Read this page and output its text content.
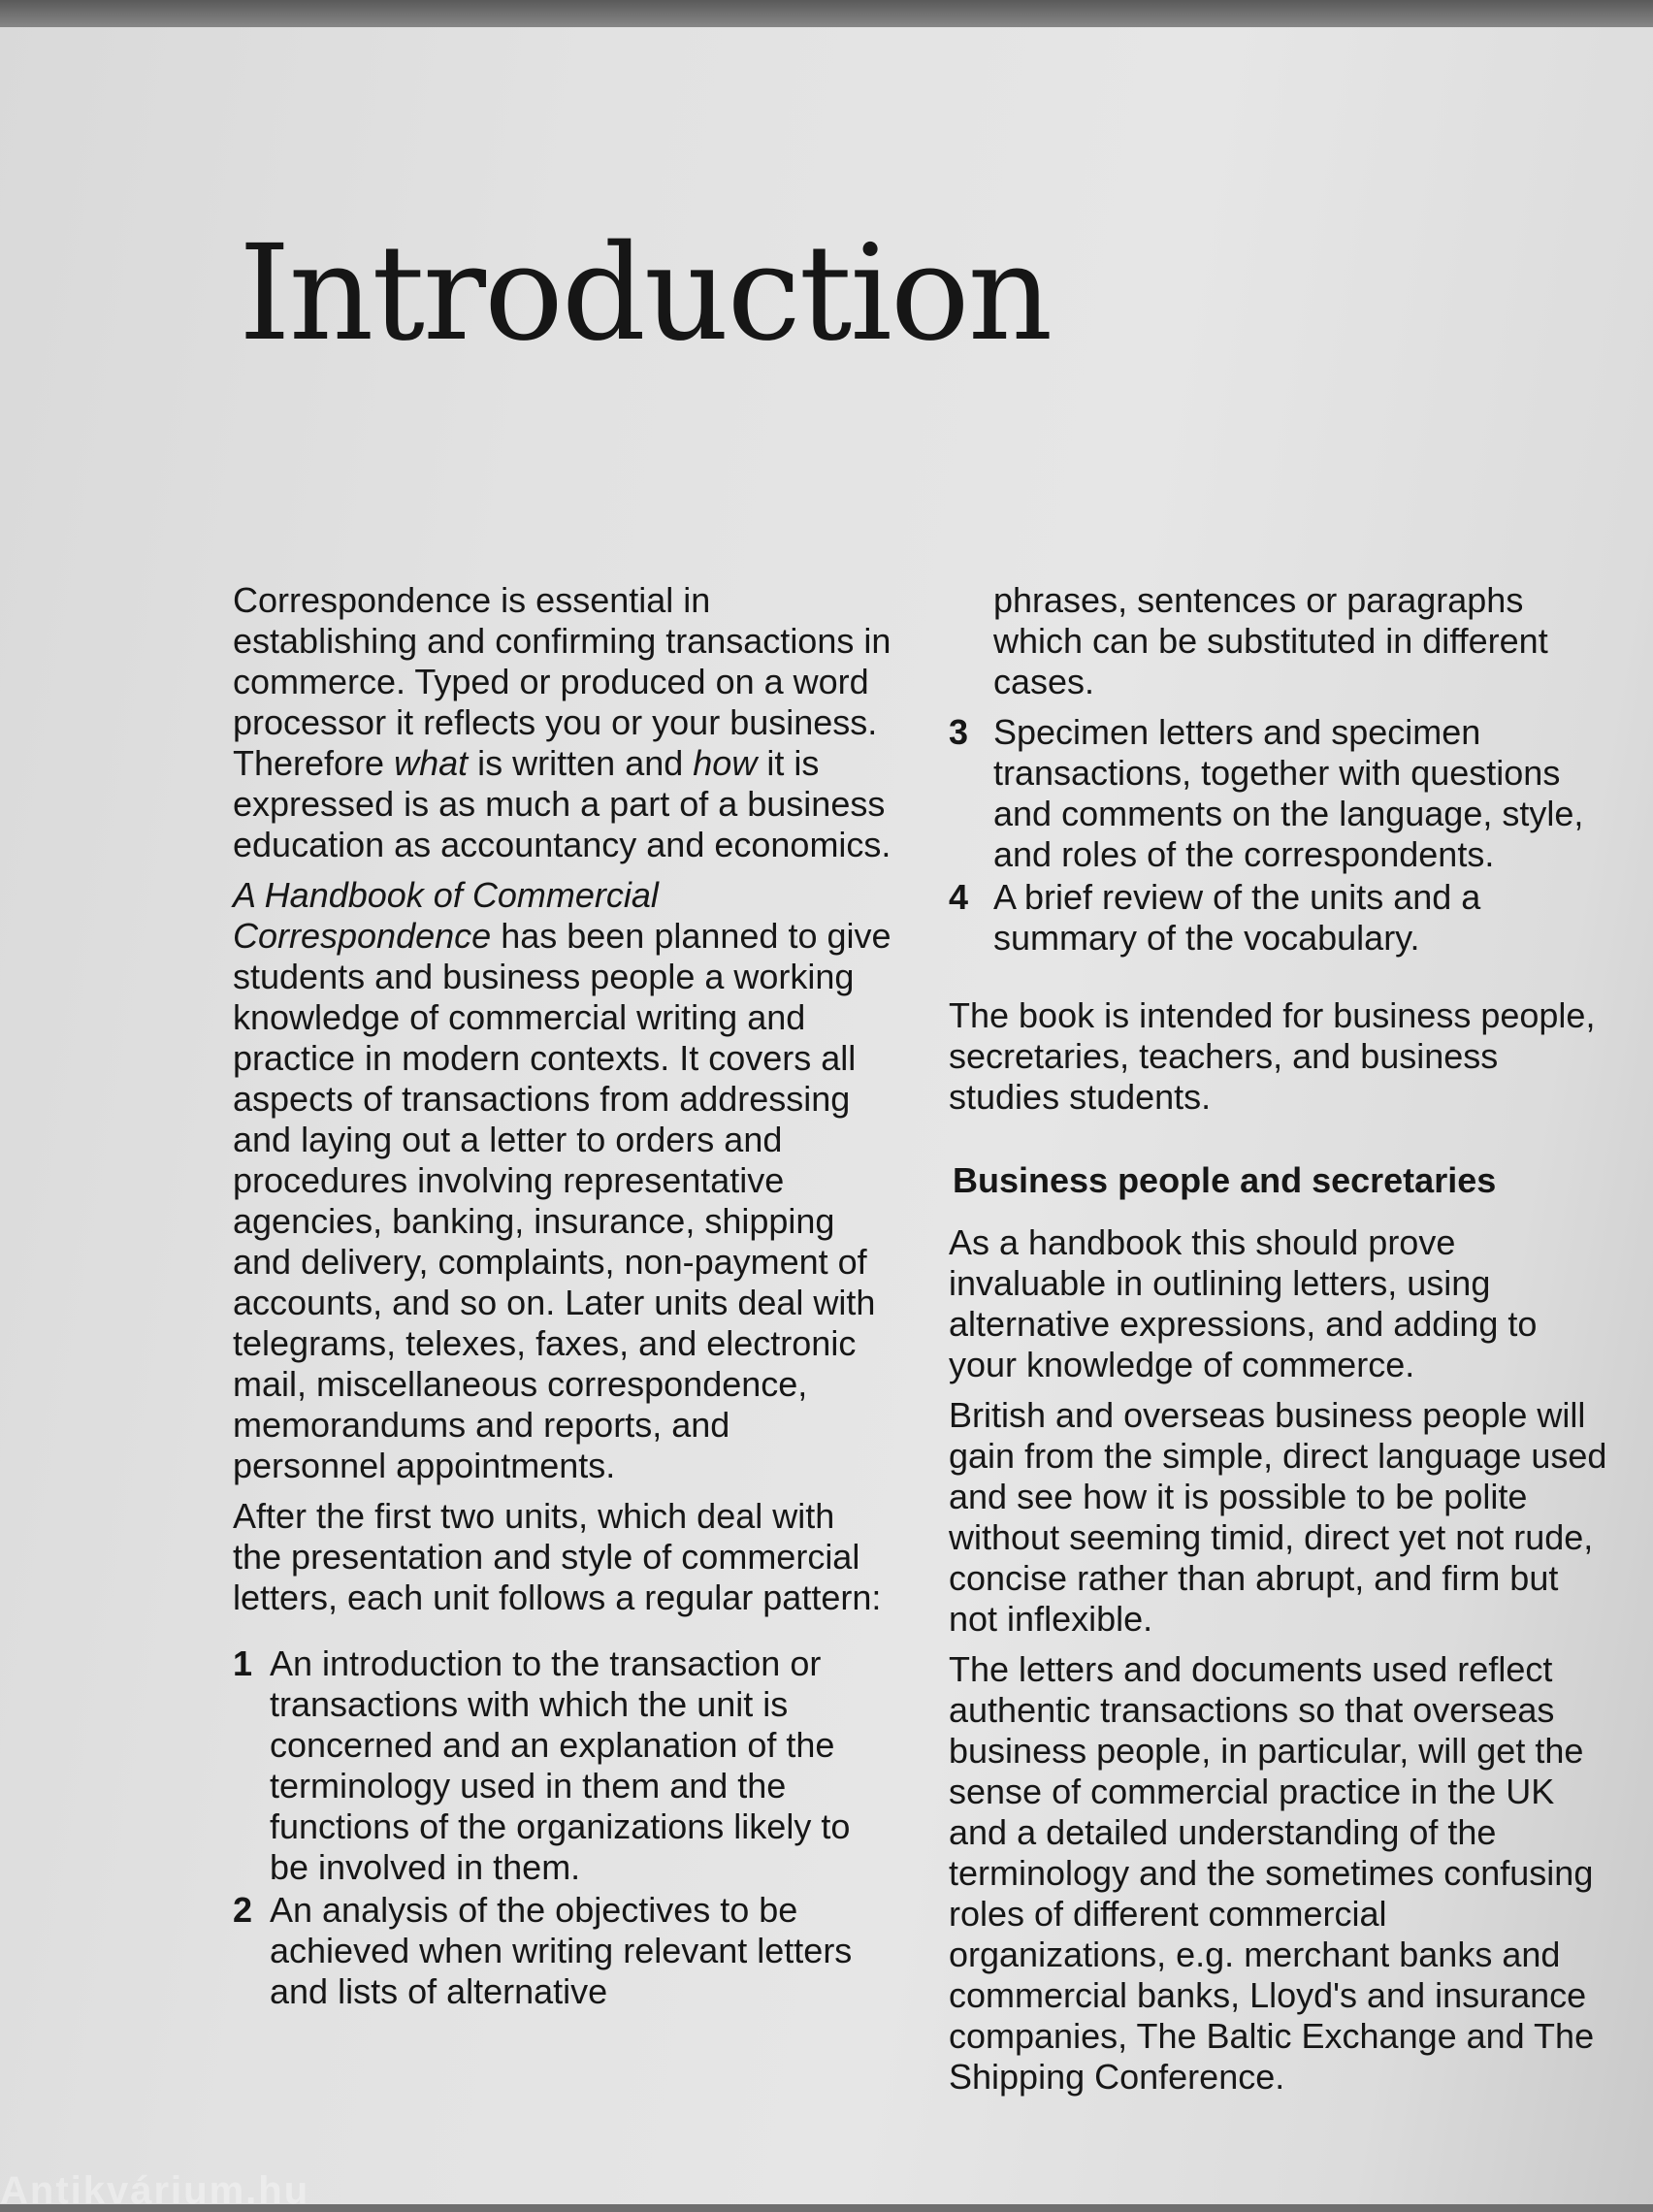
Introduction

Correspondence is essential in establishing and confirming transactions in commerce. Typed or produced on a word processor it reflects you or your business. Therefore what is written and how it is expressed is as much a part of a business education as accountancy and economics.

A Handbook of Commercial Correspondence has been planned to give students and business people a working knowledge of commercial writing and practice in modern contexts. It covers all aspects of transactions from addressing and laying out a letter to orders and procedures involving representative agencies, banking, insurance, shipping and delivery, complaints, non-payment of accounts, and so on. Later units deal with telegrams, telexes, faxes, and electronic mail, miscellaneous correspondence, memorandums and reports, and personnel appointments.

After the first two units, which deal with the presentation and style of commercial letters, each unit follows a regular pattern:

1 An introduction to the transaction or transactions with which the unit is concerned and an explanation of the terminology used in them and the functions of the organizations likely to be involved in them.
2 An analysis of the objectives to be achieved when writing relevant letters and lists of alternative

phrases, sentences or paragraphs which can be substituted in different cases.

3 Specimen letters and specimen transactions, together with questions and comments on the language, style, and roles of the correspondents.
4 A brief review of the units and a summary of the vocabulary.

The book is intended for business people, secretaries, teachers, and business studies students.

Business people and secretaries

As a handbook this should prove invaluable in outlining letters, using alternative expressions, and adding to your knowledge of commerce.

British and overseas business people will gain from the simple, direct language used and see how it is possible to be polite without seeming timid, direct yet not rude, concise rather than abrupt, and firm but not inflexible.

The letters and documents used reflect authentic transactions so that overseas business people, in particular, will get the sense of commercial practice in the UK and a detailed understanding of the terminology and the sometimes confusing roles of different commercial organizations, e.g. merchant banks and commercial banks, Lloyd's and insurance companies, The Baltic Exchange and The Shipping Conference.

Antikvárium.hu
